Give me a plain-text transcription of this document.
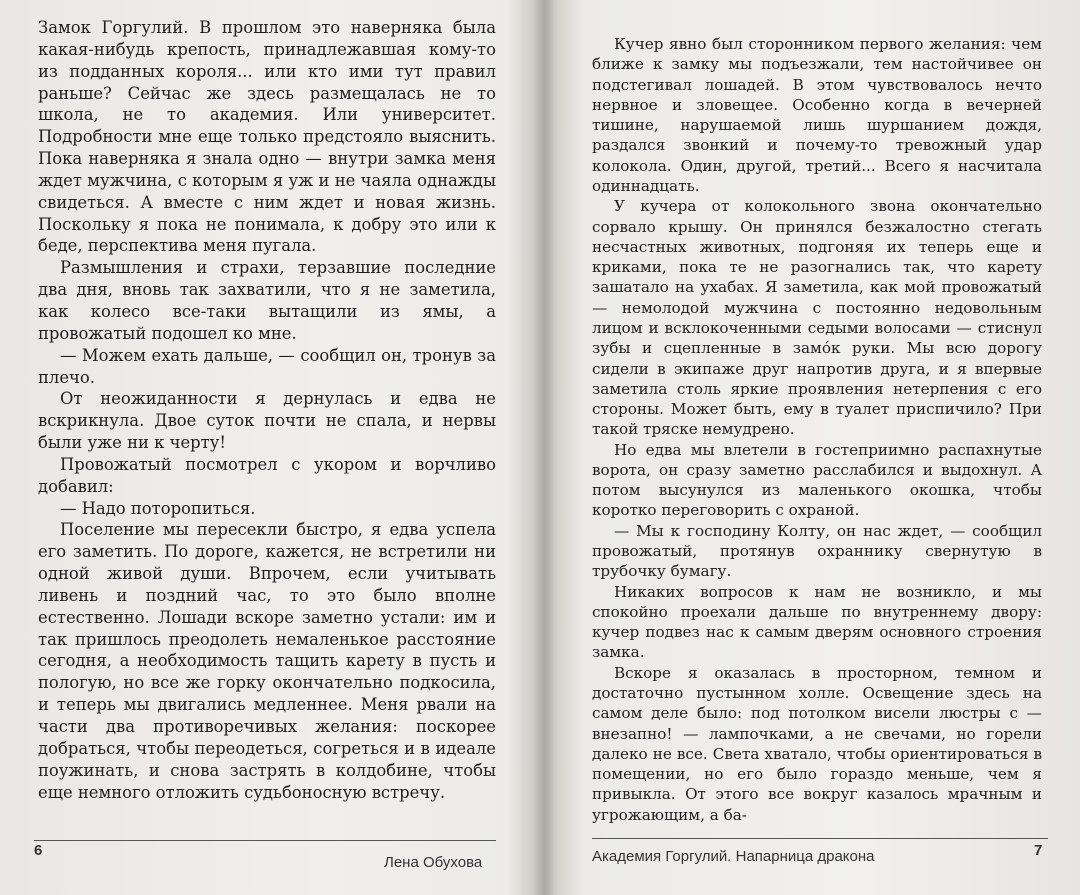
Замок Горгулий. В прошлом это наверняка была какая-нибудь крепость, принадлежавшая кому-то из подданных короля... или кто ими тут правил раньше? Сейчас же здесь размещалась не то школа, не то академия. Или университет. Подробности мне еще только предстояло выяснить. Пока наверняка я знала одно — внутри замка меня ждет мужчина, с которым я уж и не чаяла однажды свидеться. А вместе с ним ждет и новая жизнь. Поскольку я пока не понимала, к добру это или к беде, перспектива меня пугала.

Размышления и страхи, терзавшие последние два дня, вновь так захватили, что я не заметила, как колесо все-таки вытащили из ямы, а провожатый подошел ко мне.

— Можем ехать дальше, — сообщил он, тронув за плечо.

От неожиданности я дернулась и едва не вскрикнула. Двое суток почти не спала, и нервы были уже ни к черту!

Провожатый посмотрел с укором и ворчливо добавил:

— Надо поторопиться.

Поселение мы пересекли быстро, я едва успела его заметить. По дороге, кажется, не встретили ни одной живой души. Впрочем, если учитывать ливень и поздний час, то это было вполне естественно. Лошади вскоре заметно устали: им и так пришлось преодолеть немаленькое расстояние сегодня, а необходимость тащить карету в пусть и пологую, но все же горку окончательно подкосила, и теперь мы двигались медленнее. Меня рвали на части два противоречивых желания: поскорее добраться, чтобы переодеться, согреться и в идеале поужинать, и снова застрять в колдобине, чтобы еще немного отложить судьбоносную встречу.

Кучер явно был сторонником первого желания: чем ближе к замку мы подъезжали, тем настойчивее он подстегивал лошадей. В этом чувствовалось нечто нервное и зловещее. Особенно когда в вечерней тишине, нарушаемой лишь шуршанием дождя, раздался звонкий и почему-то тревожный удар колокола. Один, другой, третий... Всего я насчитала одиннадцать.

У кучера от колокольного звона окончательно сорвало крышу. Он принялся безжалостно стегать несчастных животных, подгоняя их теперь еще и криками, пока те не разогнались так, что карету зашатало на ухабах. Я заметила, как мой провожатый — немолодой мужчина с постоянно недовольным лицом и всклокоченными седыми волосами — стиснул зубы и сцепленные в замóк руки. Мы всю дорогу сидели в экипаже друг напротив друга, и я впервые заметила столь яркие проявления нетерпения с его стороны. Может быть, ему в туалет приспичило? При такой тряске немудрено.

Но едва мы влетели в гостеприимно распахнутые ворота, он сразу заметно расслабился и выдохнул. А потом высунулся из маленького окошка, чтобы коротко переговорить с охраной.

— Мы к господину Колту, он нас ждет, — сообщил провожатый, протянув охраннику свернутую в трубочку бумагу.

Никаких вопросов к нам не возникло, и мы спокойно проехали дальше по внутреннему двору: кучер подвез нас к самым дверям основного строения замка.

Вскоре я оказалась в просторном, темном и достаточно пустынном холле. Освещение здесь на самом деле было: под потолком висели люстры с — внезапно! — лампочками, а не свечами, но горели далеко не все. Света хватало, чтобы ориентироваться в помещении, но его было гораздо меньше, чем я привыкла. От этого все вокруг казалось мрачным и угрожающим, а ба-

6
Лена Обухова	Академия Горгулий. Напарница дракона	7
